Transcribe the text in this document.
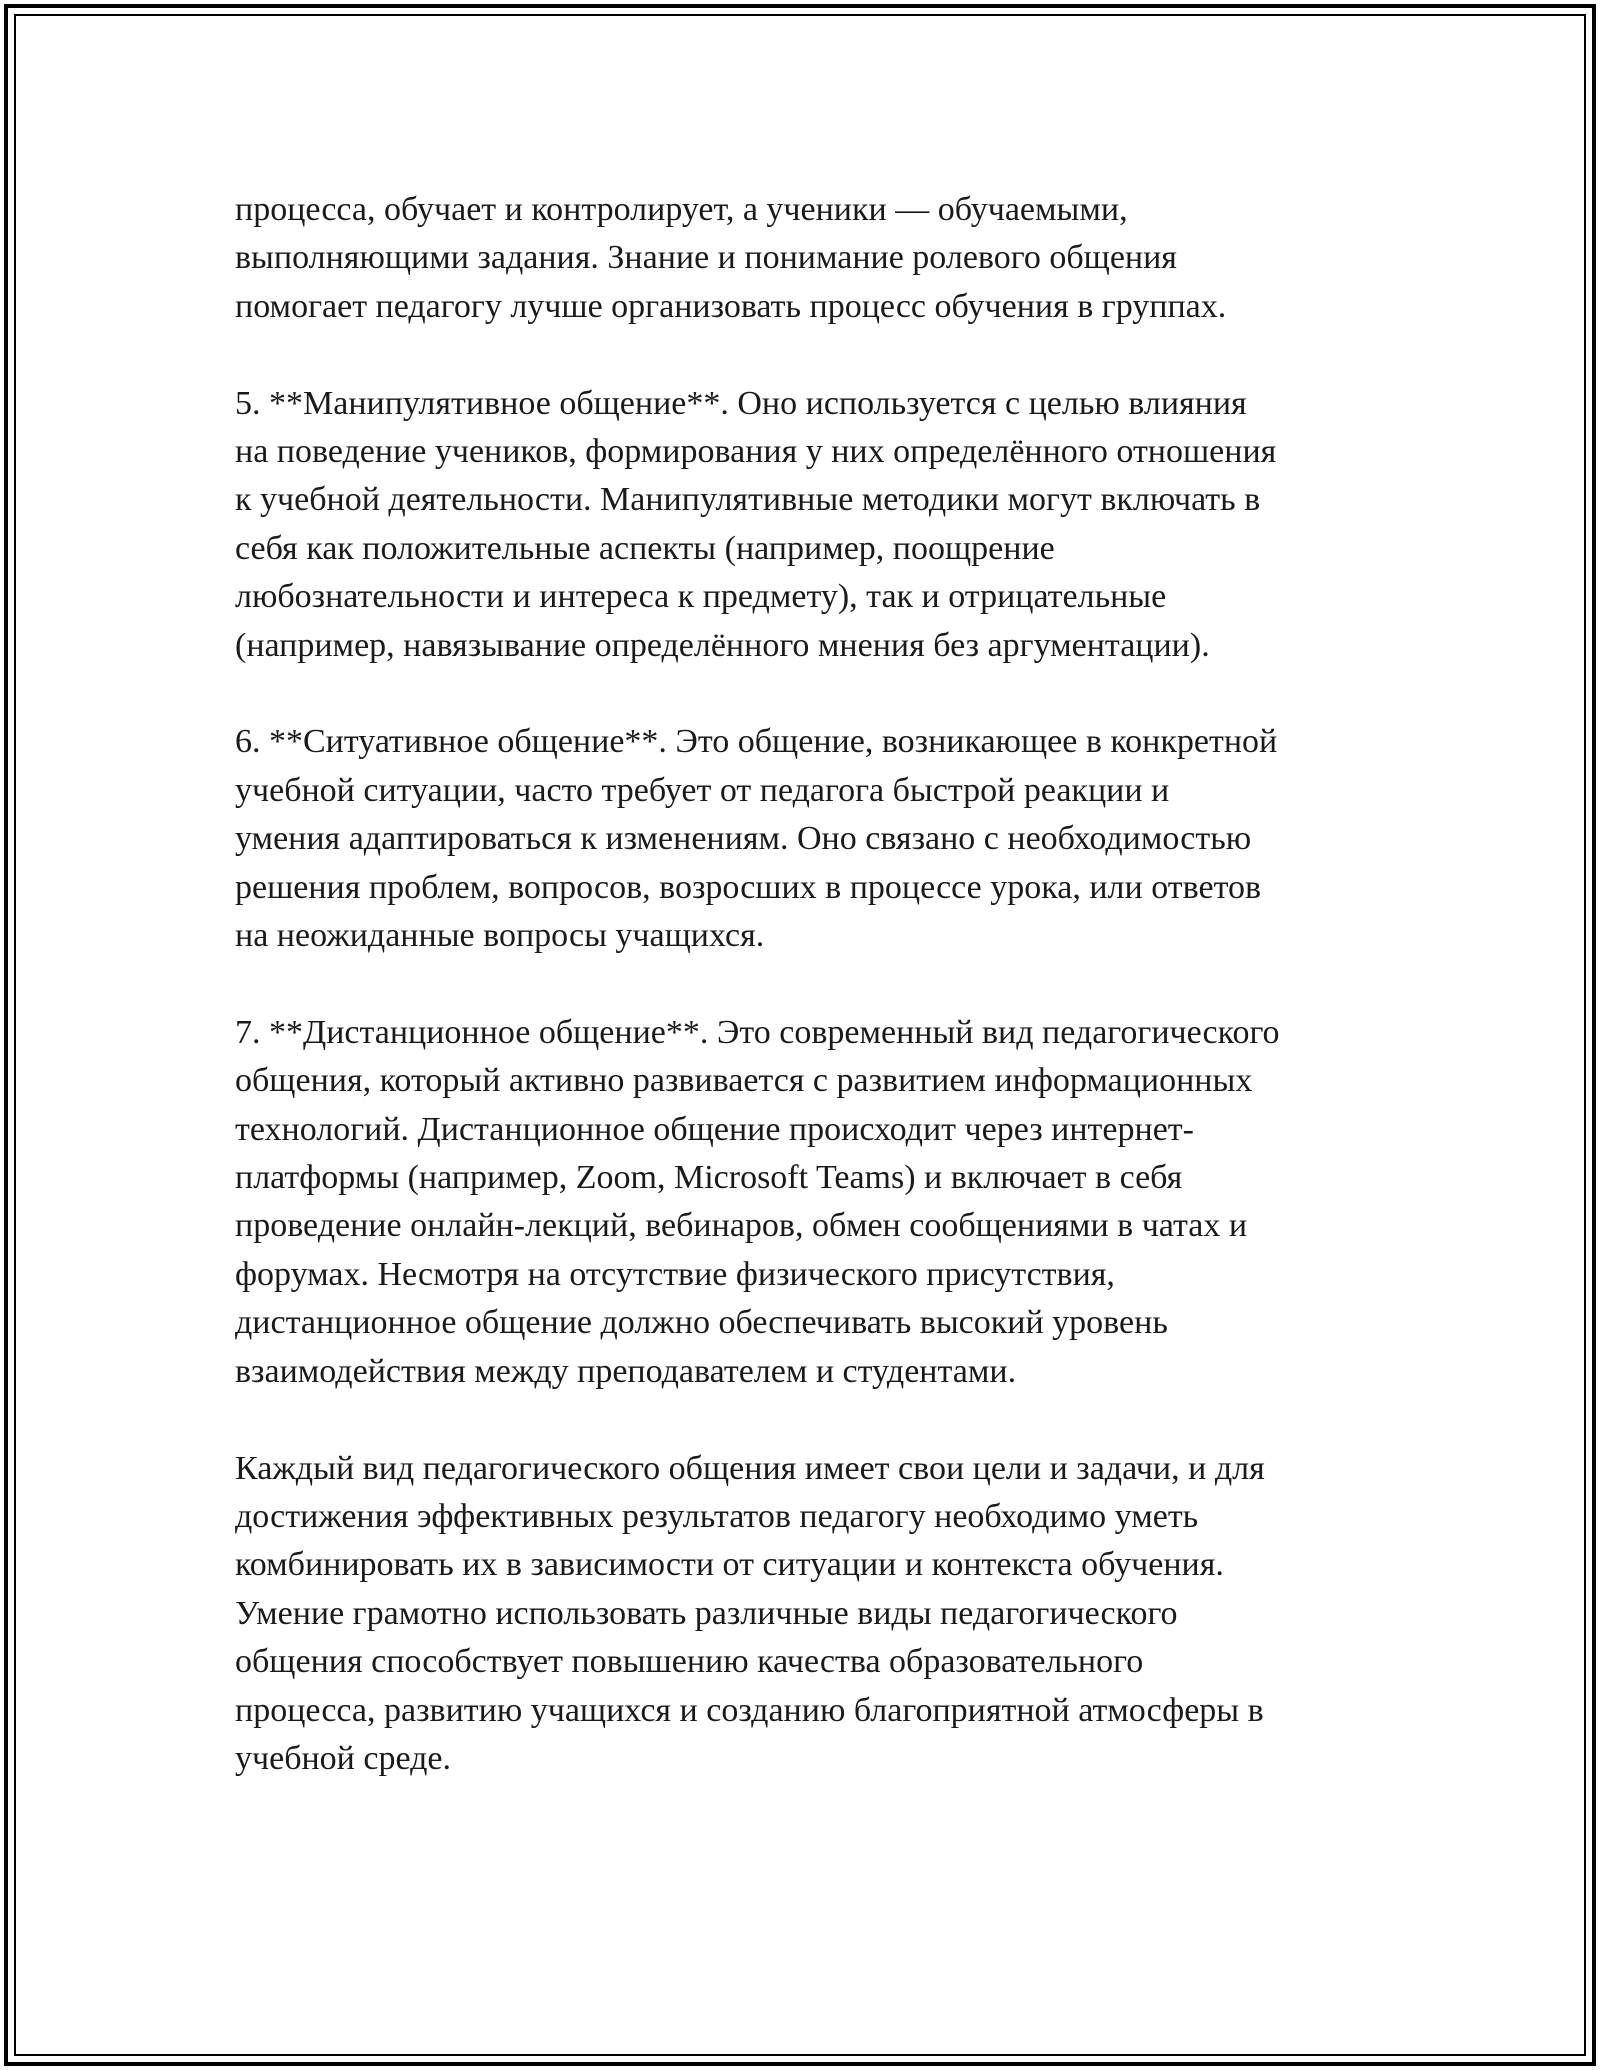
процесса, обучает и контролирует, а ученики — обучаемыми,
выполняющими задания. Знание и понимание ролевого общения
помогает педагогу лучше организовать процесс обучения в группах.

5. **Манипулятивное общение**. Оно используется с целью влияния
на поведение учеников, формирования у них определённого отношения
к учебной деятельности. Манипулятивные методики могут включать в
себя как положительные аспекты (например, поощрение
любознательности и интереса к предмету), так и отрицательные
(например, навязывание определённого мнения без аргументации).

6. **Ситуативное общение**. Это общение, возникающее в конкретной
учебной ситуации, часто требует от педагога быстрой реакции и
умения адаптироваться к изменениям. Оно связано с необходимостью
решения проблем, вопросов, возросших в процессе урока, или ответов
на неожиданные вопросы учащихся.

7. **Дистанционное общение**. Это современный вид педагогического
общения, который активно развивается с развитием информационных
технологий. Дистанционное общение происходит через интернет-
платформы (например, Zoom, Microsoft Teams) и включает в себя
проведение онлайн-лекций, вебинаров, обмен сообщениями в чатах и
форумах. Несмотря на отсутствие физического присутствия,
дистанционное общение должно обеспечивать высокий уровень
взаимодействия между преподавателем и студентами.

Каждый вид педагогического общения имеет свои цели и задачи, и для
достижения эффективных результатов педагогу необходимо уметь
комбинировать их в зависимости от ситуации и контекста обучения.
Умение грамотно использовать различные виды педагогического
общения способствует повышению качества образовательного
процесса, развитию учащихся и созданию благоприятной атмосферы в
учебной среде.
